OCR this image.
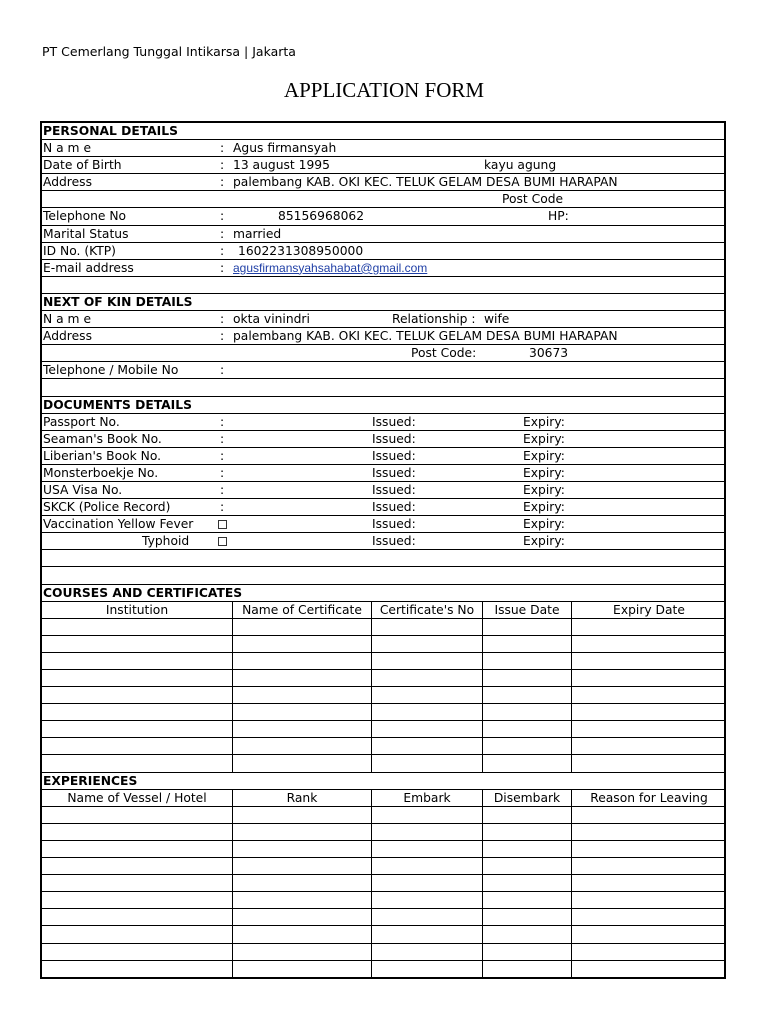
PT Cemerlang Tunggal Intikarsa | Jakarta
APPLICATION FORM
PERSONAL DETAILS
N a m e	: Agus firmansyah
Date of Birth	: 13 august 1995	kayu agung
Address	: palembang KAB. OKI KEC. TELUK GELAM DESA BUMI HARAPAN
Post Code
Telephone No	:	85156968062	HP:
Marital Status	: married
ID No. (KTP)	: 1602231308950000
E-mail address	: agusfirmansyahsahabat@gmail.com
NEXT OF KIN DETAILS
N a m e	: okta vinindri	Relationship : wife
Address	: palembang KAB. OKI KEC. TELUK GELAM DESA BUMI HARAPAN
Post Code:	30673
Telephone / Mobile No	:
DOCUMENTS DETAILS
Passport No.	:	Issued:	Expiry:
Seaman's Book No.	:	Issued:	Expiry:
Liberian's Book No.	:	Issued:	Expiry:
Monsterboekje No.	:	Issued:	Expiry:
USA Visa No.	:	Issued:	Expiry:
SKCK (Police Record)	:	Issued:	Expiry:
Vaccination Yellow Fever	Issued:	Expiry:
Typhoid	Issued:	Expiry:
COURSES AND CERTIFICATES
Institution	Name of Certificate	Certificate's No	Issue Date	Expiry Date
EXPERIENCES
Name of Vessel / Hotel	Rank	Embark	Disembark	Reason for Leaving
